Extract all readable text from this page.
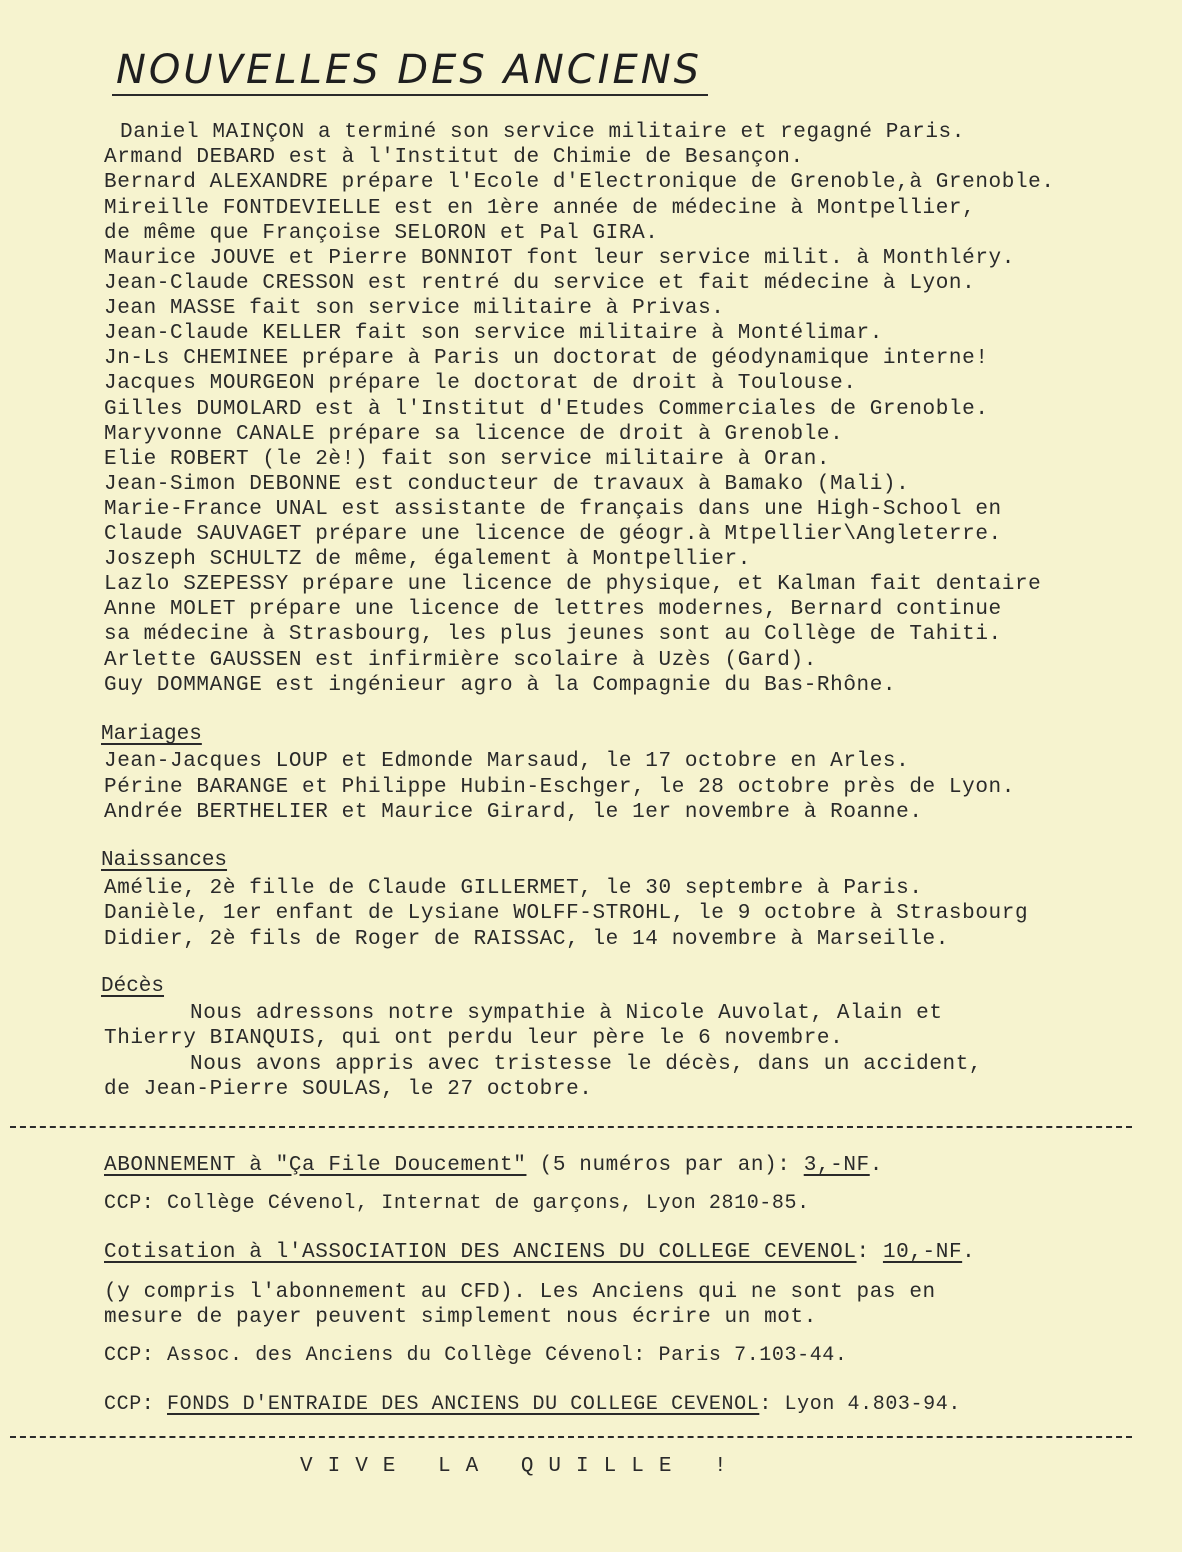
NOUVELLES DES ANCIENS
Daniel MAINÇON a terminé son service militaire et regagné Paris.
Armand DEBARD est à l'Institut de Chimie de Besançon.
Bernard ALEXANDRE prépare l'Ecole d'Electronique de Grenoble,à Grenoble.
Mireille FONTDEVIELLE est en 1ère année de médecine à Montpellier,
de même que Françoise SELORON et Pal GIRA.
Maurice JOUVE et Pierre BONNIOT font leur service milit. à Monthléry.
Jean-Claude CRESSON est rentré du service et fait médecine à Lyon.
Jean MASSE fait son service militaire à Privas.
Jean-Claude KELLER fait son service militaire à Montélimar.
Jn-Ls CHEMINEE prépare à Paris un doctorat de géodynamique interne!
Jacques MOURGEON prépare le doctorat de droit à Toulouse.
Gilles DUMOLARD est à l'Institut d'Etudes Commerciales de Grenoble.
Maryvonne CANALE prépare sa licence de droit à Grenoble.
Elie ROBERT (le 2è!) fait son service militaire à Oran.
Jean-Simon DEBONNE est conducteur de travaux à Bamako (Mali).
Marie-France UNAL est assistante de français dans une High-School en
Claude SAUVAGET prépare une licence de géogr.à Mtpellier\Angleterre.
Joszeph SCHULTZ de même, également à Montpellier.
Lazlo SZEPESSY prépare une licence de physique, et Kalman fait dentaire
Anne MOLET prépare une licence de lettres modernes, Bernard continue
sa médecine à Strasbourg, les plus jeunes sont au Collège de Tahiti.
Arlette GAUSSEN est infirmière scolaire à Uzès (Gard).
Guy DOMMANGE est ingénieur agro à la Compagnie du Bas-Rhône.
Mariages
Jean-Jacques LOUP et Edmonde Marsaud, le 17 octobre en Arles.
Périne BARANGE et Philippe Hubin-Eschger, le 28 octobre près de Lyon.
Andrée BERTHELIER et Maurice Girard, le 1er novembre à Roanne.
Naissances
Amélie, 2è fille de Claude GILLERMET, le 30 septembre à Paris.
Danièle, 1er enfant de Lysiane WOLFF-STROHL, le 9 octobre à Strasbourg
Didier, 2è fils de Roger de RAISSAC, le 14 novembre à Marseille.
Décès
Nous adressons notre sympathie à Nicole Auvolat, Alain et
Thierry BIANQUIS, qui ont perdu leur père le 6 novembre.
Nous avons appris avec tristesse le décès, dans un accident,
de Jean-Pierre SOULAS, le 27 octobre.
ABONNEMENT à "Ça File Doucement" (5 numéros par an): 3,-NF.
CCP: Collège Cévenol, Internat de garçons, Lyon 2810-85.
Cotisation à l'ASSOCIATION DES ANCIENS DU COLLEGE CEVENOL: 10,-NF.
(y compris l'abonnement au CFD). Les Anciens qui ne sont pas en
mesure de payer peuvent simplement nous écrire un mot.
CCP: Assoc. des Anciens du Collège Cévenol: Paris 7.103-44.
CCP: FONDS D'ENTRAIDE DES ANCIENS DU COLLEGE CEVENOL: Lyon 4.803-94.
VIVE LA QUILLE !
